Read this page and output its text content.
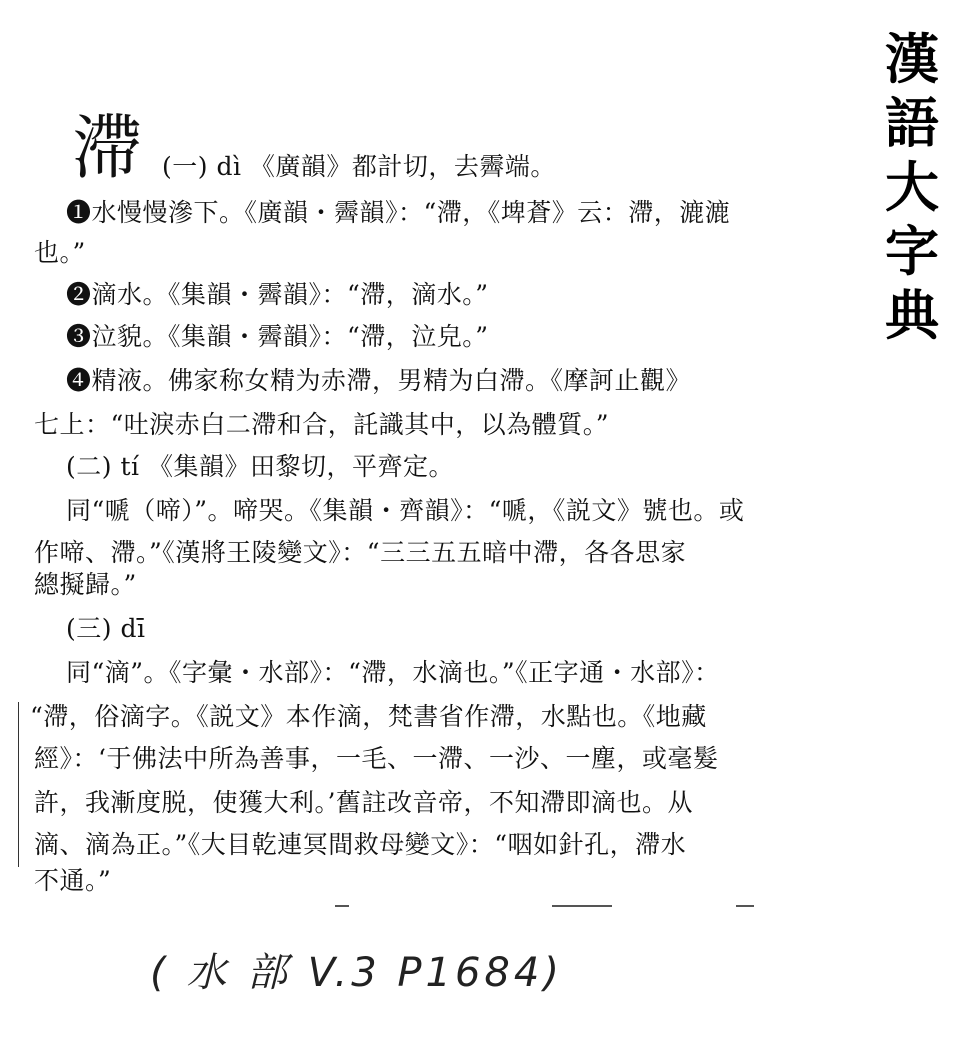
漢
語
大
字
典
滯 (一) dì 《廣韻》都計切，去霽端。
❶水慢慢滲下。《廣韻・霽韻》：“滯，《埤蒼》云：滯，漉漉
也。”
❷滴水。《集韻・霽韻》：“滯，滴水。”
❸泣貌。《集韻・霽韻》：“滯，泣皃。”
❹精液。佛家称女精为赤滯，男精为白滯。《摩訶止觀》
七上：“吐淚赤白二滯和合，託識其中，以為體質。”
(二) tí 《集韻》田黎切，平齊定。
同“嗁（啼）”。啼哭。《集韻・齊韻》：“嗁，《説文》號也。或
作啼、滯。”《漢將王陵變文》：“三三五五暗中滯，各各思家
總擬歸。”
(三) dī
同“滴”。《字彙・水部》：“滯，水滴也。”《正字通・水部》：
“滯，俗滴字。《説文》本作滴，梵書省作滯，水點也。《地藏
經》：‘于佛法中所為善事，一毛、一滯、一沙、一塵，或毫髮
許，我漸度脱，使獲大利。’舊註改音帝，不知滯即滴也。从
滴、滴為正。”《大目乾連冥間救母變文》：“咽如針孔，滯水
不通。”
( 水 部 V.3 P1684)
